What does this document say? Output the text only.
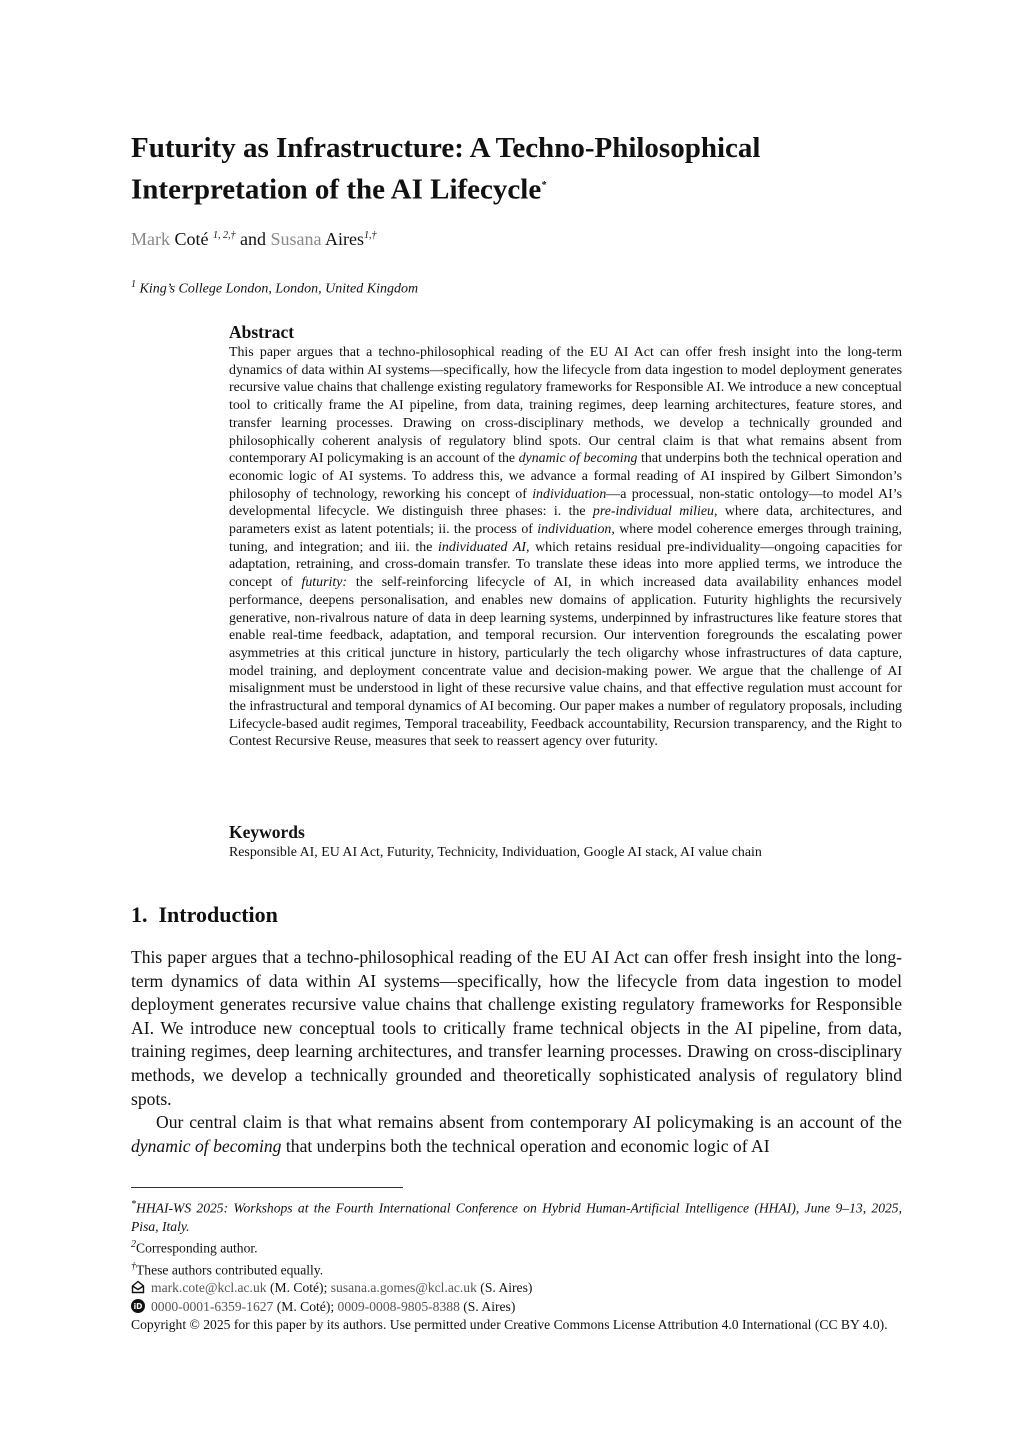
Futurity as Infrastructure: A Techno-Philosophical Interpretation of the AI Lifecycle*
Mark Coté $^{1, 2,\dagger}$ and Susana Aires$^{1,\dagger}$
$^1$ King’s College London, London, United Kingdom
Abstract

This paper argues that a techno-philosophical reading of the EU AI Act can offer fresh insight into the long-term dynamics of data within AI systems—specifically, how the lifecycle from data ingestion to model deployment generates recursive value chains that challenge existing regulatory frameworks for Responsible AI. We introduce a new conceptual tool to critically frame the AI pipeline, from data, training regimes, deep learning architectures, feature stores, and transfer learning processes. Drawing on cross-disciplinary methods, we develop a technically grounded and philosophically coherent analysis of regulatory blind spots. Our central claim is that what remains absent from contemporary AI policymaking is an account of the dynamic of becoming that underpins both the technical operation and economic logic of AI systems. To address this, we advance a formal reading of AI inspired by Gilbert Simondon’s philosophy of technology, reworking his concept of individuation—a processual, non-static ontology—to model AI’s developmental lifecycle. We distinguish three phases: i. the pre-individual milieu, where data, architectures, and parameters exist as latent potentials; ii. the process of individuation, where model coherence emerges through training, tuning, and integration; and iii. the individuated AI, which retains residual pre-individuality—ongoing capacities for adaptation, retraining, and cross-domain transfer. To translate these ideas into more applied terms, we introduce the concept of futurity: the self-reinforcing lifecycle of AI, in which increased data availability enhances model performance, deepens personalisation, and enables new domains of application. Futurity highlights the recursively generative, non-rivalrous nature of data in deep learning systems, underpinned by infrastructures like feature stores that enable real-time feedback, adaptation, and temporal recursion. Our intervention foregrounds the escalating power asymmetries at this critical juncture in history, particularly the tech oligarchy whose infrastructures of data capture, model training, and deployment concentrate value and decision-making power. We argue that the challenge of AI misalignment must be understood in light of these recursive value chains, and that effective regulation must account for the infrastructural and temporal dynamics of AI becoming. Our paper makes a number of regulatory proposals, including Lifecycle-based audit regimes, Temporal traceability, Feedback accountability, Recursion transparency, and the Right to Contest Recursive Reuse, measures that seek to reassert agency over futurity.

Keywords

Responsible AI, EU AI Act, Futurity, Technicity, Individuation, Google AI stack, AI value chain

1. Introduction

This paper argues that a techno-philosophical reading of the EU AI Act can offer fresh insight into the long-term dynamics of data within AI systems—specifically, how the lifecycle from data ingestion to model deployment generates recursive value chains that challenge existing regulatory frameworks for Responsible AI. We introduce new conceptual tools to critically frame technical objects in the AI pipeline, from data, training regimes, deep learning architectures, and transfer learning processes. Drawing on cross-disciplinary methods, we develop a technically grounded and theoretically sophisticated analysis of regulatory blind spots.

Our central claim is that what remains absent from contemporary AI policymaking is an account of the dynamic of becoming that underpins both the technical operation and economic logic of AI

*HHAI-WS 2025: Workshops at the Fourth International Conference on Hybrid Human-Artificial Intelligence (HHAI), June 9–13, 2025, Pisa, Italy.
$^2$Corresponding author.
†These authors contributed equally.
mark.cote@kcl.ac.uk (M. Coté); susana.a.gomes@kcl.ac.uk (S. Aires)
iD 0000-0001-6359-1627 (M. Coté); 0009-0008-9805-8388 (S. Aires)
Copyright © 2025 for this paper by its authors. Use permitted under Creative Commons License Attribution 4.0 International (CC BY 4.0).
